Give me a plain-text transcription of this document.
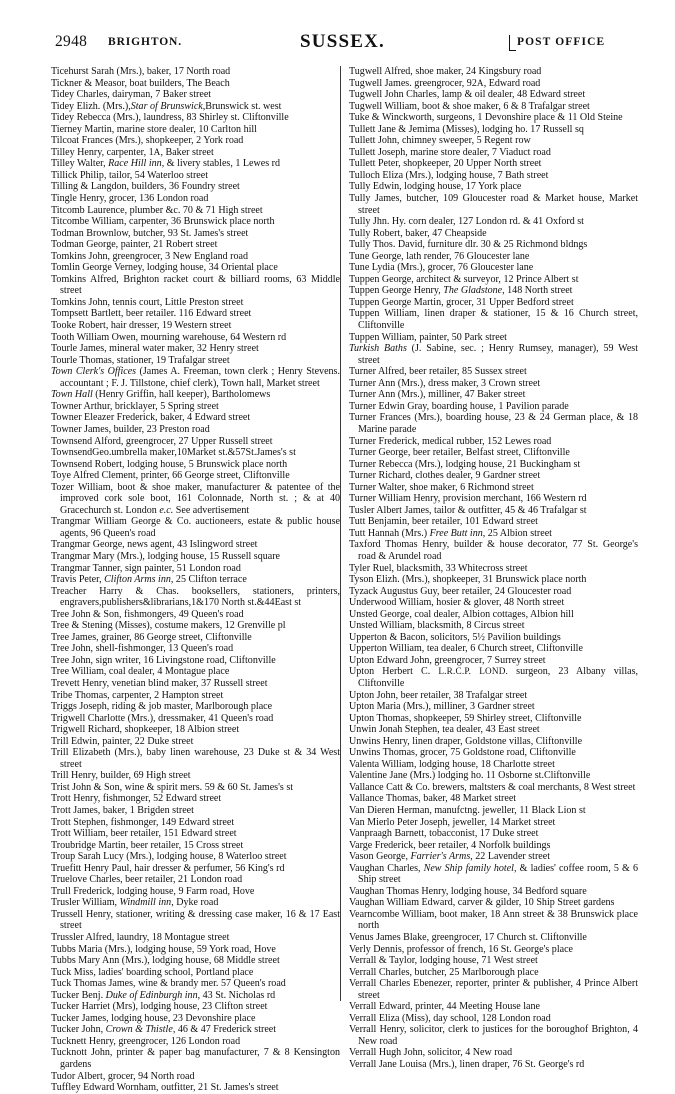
2948 BRIGHTON.	SUSSEX.	POST OFFICE

Ticehurst Sarah (Mrs.), baker, 17 North road

Tickner & Measor, boat builders, The Beach

Tidey Charles, dairyman, 7 Baker street

Tidey Elizh. (Mrs.),Star of Brunswick,Brunswick st. west

Tidey Rebecca (Mrs.), laundress, 83 Shirley st. Cliftonville

Tierney Martin, marine store dealer, 10 Carlton hill

Tilcoat Frances (Mrs.), shopkeeper, 2 York road

Tilley Henry, carpenter, 1A, Baker street

Tilley Walter, Race Hill inn, & livery stables, 1 Lewes rd

Tillick Philip, tailor, 54 Waterloo street

Tilling & Langdon, builders, 36 Foundry street

Tingle Henry, grocer, 136 London road

Titcomb Laurence, plumber &c. 70 & 71 High street

Titcombe William, carpenter, 36 Brunswick place north

Todman Brownlow, butcher, 93 St. James's street

Todman George, painter, 21 Robert street

Tomkins John, greengrocer, 3 New England road

Tomlin George Verney, lodging house, 34 Oriental place

Tomkins Alfred, Brighton racket court & billiard rooms, 63 Middle street

Tomkins John, tennis court, Little Preston street

Tompsett Bartlett, beer retailer. 116 Edward street

Tooke Robert, hair dresser, 19 Western street

Tooth William Owen, mourning warehouse, 64 Western rd

Tourle James, mineral water maker, 32 Henry street

Tourle Thomas, stationer, 19 Trafalgar street

Town Clerk's Offices (James A. Freeman, town clerk ; Henry Stevens. accountant ; F. J. Tillstone, chief clerk), Town hall, Market street

Town Hall (Henry Griffin, hall keeper), Bartholomews

Towner Arthur, bricklayer, 5 Spring street

Towner Eleazer Frederick, baker, 4 Edward street

Towner James, builder, 23 Preston road

Townsend Alford, greengrocer, 27 Upper Russell street

TownsendGeo.umbrella maker,10Market st.&57St.James's st

Townsend Robert, lodging house, 5 Brunswick place north

Toye Alfred Clement, printer, 66 George street, Cliftonville

Tozer William, boot & shoe maker, manufacturer & patentee of the improved cork sole boot, 161 Colonnade, North st. ; & at 40 Gracechurch st. London e.c. See advertisement

Trangmar William George & Co. auctioneers, estate & public house agents, 96 Queen's road

Trangmar George, news agent, 43 Islingword street

Trangmar Mary (Mrs.), lodging house, 15 Russell square

Trangmar Tanner, sign painter, 51 London road

Travis Peter, Clifton Arms inn, 25 Clifton terrace

Treacher Harry & Chas. booksellers, stationers, printers, engravers,publishers&librarians,1&170 North st.&44East st

Tree John & Son, fishmongers, 49 Queen's road

Tree & Stening (Misses), costume makers, 12 Grenville pl

Tree James, grainer, 86 George street, Cliftonville

Tree John, shell-fishmonger, 13 Queen's road

Tree John, sign writer, 16 Livingstone road, Cliftonville

Tree William, coal dealer, 4 Montague place

Trevett Henry, venetian blind maker, 37 Russell street

Tribe Thomas, carpenter, 2 Hampton street

Triggs Joseph, riding & job master, Marlborough place

Trigwell Charlotte (Mrs.), dressmaker, 41 Queen's road

Trigwell Richard, shopkeeper, 18 Albion street

Trill Edwin, painter, 22 Duke street

Trill Elizabeth (Mrs.), baby linen warehouse, 23 Duke st & 34 West street

Trill Henry, builder, 69 High street

Trist John & Son, wine & spirit mers. 59 & 60 St. James's st

Trott Henry, fishmonger, 52 Edward street

Trott James, baker, 1 Brigden street

Trott Stephen, fishmonger, 149 Edward street

Trott William, beer retailer, 151 Edward street

Troubridge Martin, beer retailer, 15 Cross street

Troup Sarah Lucy (Mrs.), lodging house, 8 Waterloo street

Truefitt Henry Paul, hair dresser & perfumer, 56 King's rd

Truelove Charles, beer retailer, 21 London road

Trull Frederick, lodging house, 9 Farm road, Hove

Trusler William, Windmill inn, Dyke road

Trussell Henry, stationer, writing & dressing case maker, 16 & 17 East street

Trussler Alfred, laundry, 18 Montague street

Tubbs Maria (Mrs.), lodging house, 59 York road, Hove

Tubbs Mary Ann (Mrs.), lodging house, 68 Middle street

Tuck Miss, ladies' boarding school, Portland place

Tuck Thomas James, wine & brandy mer. 57 Queen's road

Tucker Benj. Duke of Edinburgh inn, 43 St. Nicholas rd

Tucker Harriet (Mrs), lodging house, 23 Clifton street

Tucker James, lodging house, 23 Devonshire place

Tucker John, Crown & Thistle, 46 & 47 Frederick street

Tucknett Henry, greengrocer, 126 London road

Tucknott John, printer & paper bag manufacturer, 7 & 8 Kensington gardens

Tudor Albert, grocer, 94 North road

Tuffley Edward Wornham, outfitter, 21 St. James's street

Tugwell Alfred, shoe maker, 24 Kingsbury road

Tugwell James. greengrocer, 92A, Edward road

Tugwell John Charles, lamp & oil dealer, 48 Edward street

Tugwell William, boot & shoe maker, 6 & 8 Trafalgar street

Tuke & Winckworth, surgeons, 1 Devonshire place & 11 Old Steine

Tullett Jane & Jemima (Misses), lodging ho. 17 Russell sq

Tullett John, chimney sweeper, 5 Regent row

Tullett Joseph, marine store dealer, 7 Viaduct road

Tullett Peter, shopkeeper, 20 Upper North street

Tulloch Eliza (Mrs.), lodging house, 7 Bath street

Tully Edwin, lodging house, 17 York place

Tully James, butcher, 109 Gloucester road & Market house, Market street

Tully Jhn. Hy. corn dealer, 127 London rd. & 41 Oxford st

Tully Robert, baker, 47 Cheapside

Tully Thos. David, furniture dlr. 30 & 25 Richmond bldngs

Tune George, lath render, 76 Gloucester lane

Tune Lydia (Mrs.), grocer, 76 Gloucester lane

Tuppen George, architect & surveyor, 12 Prince Albert st

Tuppen George Henry, The Gladstone, 148 North street

Tuppen George Martin, grocer, 31 Upper Bedford street

Tuppen William, linen draper & stationer, 15 & 16 Church street, Cliftonville

Tuppen William, painter, 50 Park street

Turkish Baths (J. Sabine, sec. ; Henry Rumsey, manager), 59 West street

Turner Alfred, beer retailer, 85 Sussex street

Turner Ann (Mrs.), dress maker, 3 Crown street

Turner Ann (Mrs.), milliner, 47 Baker street

Turner Edwin Gray, boarding house, 1 Pavilion parade

Turner Frances (Mrs.), boarding house, 23 & 24 German place, & 18 Marine parade

Turner Frederick, medical rubber, 152 Lewes road

Turner George, beer retailer, Belfast street, Cliftonville

Turner Rebecca (Mrs.), lodging house, 21 Buckingham st

Turner Richard, clothes dealer, 9 Gardner street

Turner Walter, shoe maker, 6 Richmond street

Turner William Henry, provision merchant, 166 Western rd

Tusler Albert James, tailor & outfitter, 45 & 46 Trafalgar st

Tutt Benjamin, beer retailer, 101 Edward street

Tutt Hannah (Mrs.) Free Butt inn, 25 Albion street

Taxford Thomas Henry, builder & house decorator, 77 St. George's road & Arundel road

Tyler Ruel, blacksmith, 33 Whitecross street

Tyson Elizh. (Mrs.), shopkeeper, 31 Brunswick place north

Tyzack Augustus Guy, beer retailer, 24 Gloucester road

Underwood William, hosier & glover, 48 North street

Unsted George, coal dealer, Albion cottages, Albion hill

Unsted William, blacksmith, 8 Circus street

Upperton & Bacon, solicitors, 5½ Pavilion buildings

Upperton William, tea dealer, 6 Church street, Cliftonville

Upton Edward John, greengrocer, 7 Surrey street

Upton Herbert C. L.R.C.P. LOND. surgeon, 23 Albany villas, Cliftonville

Upton John, beer retailer, 38 Trafalgar street

Upton Maria (Mrs.), milliner, 3 Gardner street

Upton Thomas, shopkeeper, 59 Shirley street, Cliftonville

Unwin Jonah Stephen, tea dealer, 43 East street

Unwins Henry, linen draper, Goldstone villas, Cliftonville

Unwins Thomas, grocer, 75 Goldstone road, Cliftonville

Valenta William, lodging house, 18 Charlotte street

Valentine Jane (Mrs.) lodging ho. 11 Osborne st.Cliftonville

Vallance Catt & Co. brewers, maltsters & coal merchants, 8 West street

Vallance Thomas, baker, 48 Market street

Van Dieren Herman, manufctng. jeweller, 11 Black Lion st

Van Mierlo Peter Joseph, jeweller, 14 Market street

Vanpraagh Barnett, tobacconist, 17 Duke street

Varge Frederick, beer retailer, 4 Norfolk buildings

Vason George, Farrier's Arms, 22 Lavender street

Vaughan Charles, New Ship family hotel, & ladies' coffee room, 5 & 6 Ship street

Vaughan Thomas Henry, lodging house, 34 Bedford square

Vaughan William Edward, carver & gilder, 10 Ship Street gardens

Vearncombe William, boot maker, 18 Ann street & 38 Brunswick place north

Venus James Blake, greengrocer, 17 Church st. Cliftonville

Verly Dennis, professor of french, 16 St. George's place

Verrall & Taylor, lodging house, 71 West street

Verrall Charles, butcher, 25 Marlborough place

Verrall Charles Ebenezer, reporter, printer & publisher, 4 Prince Albert street

Verrall Edward, printer, 44 Meeting House lane

Verrall Eliza (Miss), day school, 128 London road

Verrall Henry, solicitor, clerk to justices for the boroughof Brighton, 4 New road

Verrall Hugh John, solicitor, 4 New road

Verrall Jane Louisa (Mrs.), linen draper, 76 St. George's rd
